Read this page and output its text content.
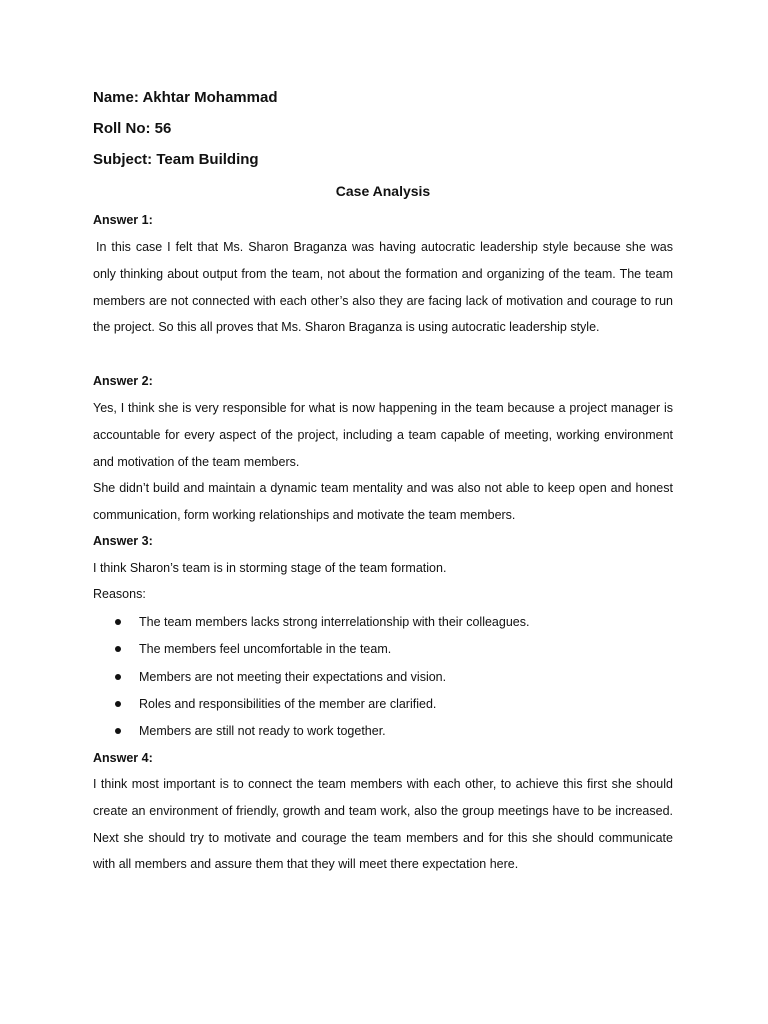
Name: Akhtar Mohammad
Roll No: 56
Subject: Team Building
Case Analysis
Answer 1:

In this case I felt that Ms. Sharon Braganza was having autocratic leadership style because she was only thinking about output from the team, not about the formation and organizing of the team. The team members are not connected with each other’s also they are facing lack of motivation and courage to run the project. So this all proves that Ms. Sharon Braganza is using autocratic leadership style.

Answer 2:

Yes, I think she is very responsible for what is now happening in the team because a project manager is accountable for every aspect of the project, including a team capable of meeting, working environment and motivation of the team members.

She didn’t build and maintain a dynamic team mentality and was also not able to keep open and honest communication, form working relationships and motivate the team members.

Answer 3:
I think Sharon’s team is in storming stage of the team formation.
Reasons:
The team members lacks strong interrelationship with their colleagues.
The members feel uncomfortable in the team.
Members are not meeting their expectations and vision.
Roles and responsibilities of the member are clarified.
Members are still not ready to work together.
Answer 4:

I think most important is to connect the team members with each other, to achieve this first she should create an environment of friendly, growth and team work, also the group meetings have to be increased. Next she should try to motivate and courage the team members and for this she should communicate with all members and assure them that they will meet there expectation here.
